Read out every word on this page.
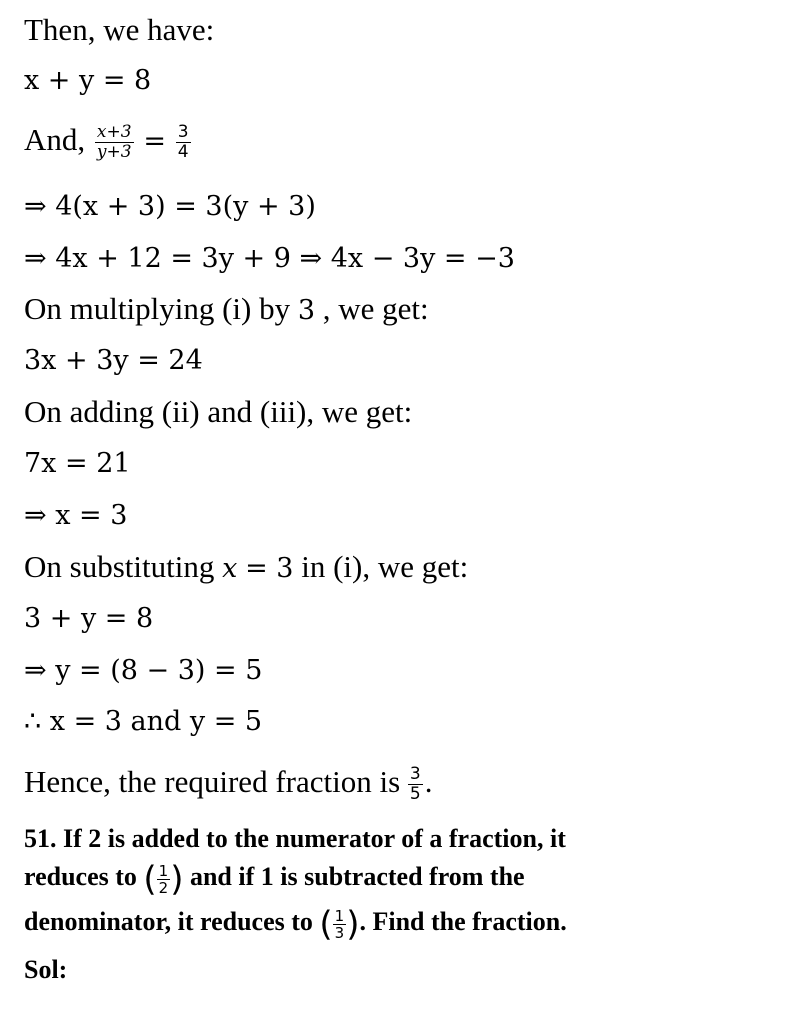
Then, we have:
x + y = 8
And, $\frac{x+3}{y+3} = \frac{3}{4}$
⇒ 4(x + 3) = 3(y + 3)
⇒ 4x + 12 = 3y + 9 ⇒ 4x − 3y = −3
On multiplying (i) by 3 , we get:
3x + 3y = 24
On adding (ii) and (iii), we get:
7x = 21
⇒ x = 3
On substituting x = 3 in (i), we get:
3 + y = 8
⇒ y = (8 − 3) = 5
∴ x = 3 and y = 5
Hence, the required fraction is $\frac{3}{5}$ .
51. If 2 is added to the numerator of a fraction, it
reduces to ( $\frac{1}{2}$ ) and if 1 is subtracted from the
denominator, it reduces to ( $\frac{1}{3}$ ). Find the fraction.
Sol:
